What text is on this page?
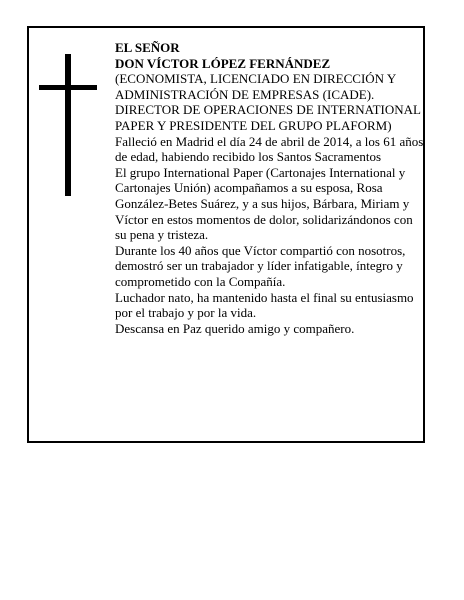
EL SEÑOR

DON VÍCTOR LÓPEZ FERNÁNDEZ

(ECONOMISTA, LICENCIADO EN DIRECCIÓN Y ADMINISTRACIÓN DE EMPRESAS (ICADE). DIRECTOR DE OPERACIONES DE INTERNATIONAL PAPER Y PRESIDENTE DEL GRUPO PLAFORM)

Falleció en Madrid el día 24 de abril de 2014, a los 61 años de edad, habiendo recibido los Santos Sacramentos

El grupo International Paper (Cartonajes International y Cartonajes Unión) acompañamos a su esposa, Rosa González-Betes Suárez, y a sus hijos, Bárbara, Miriam y Víctor en estos momentos de dolor, solidarizándonos con su pena y tristeza.

Durante los 40 años que Víctor compartió con nosotros, demostró ser un trabajador y líder infatigable, íntegro y comprometido con la Compañía.

Luchador nato, ha mantenido hasta el final su entusiasmo por el trabajo y por la vida.

Descansa en Paz querido amigo y compañero.
